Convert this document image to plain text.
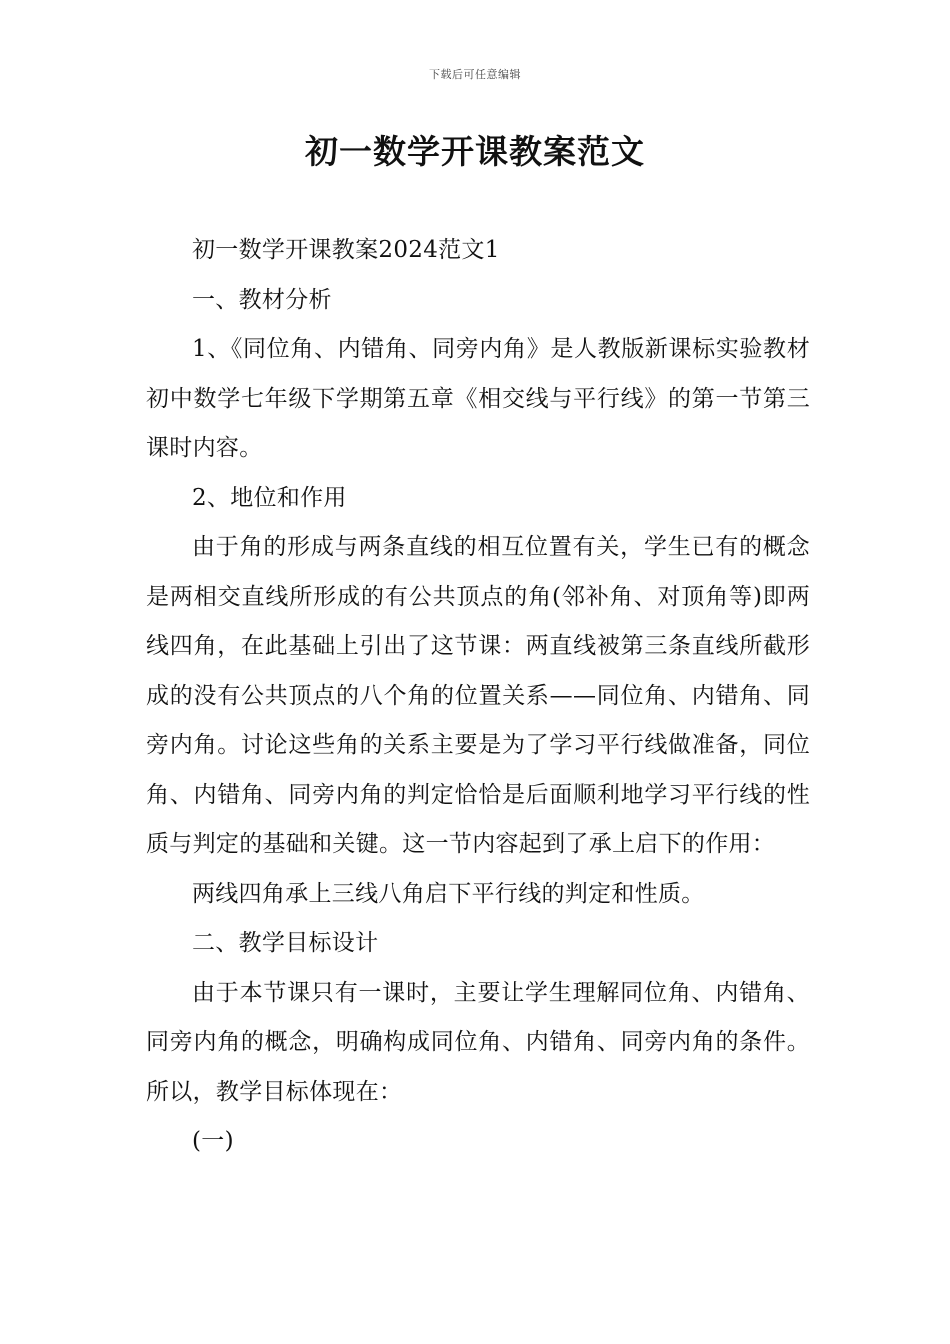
下载后可任意编辑
初一数学开课教案范文

初一数学开课教案2024范文1

一、教材分析

1、《同位角、内错角、同旁内角》是人教版新课标实验教材初中数学七年级下学期第五章《相交线与平行线》的第一节第三课时内容。

2、地位和作用

由于角的形成与两条直线的相互位置有关，学生已有的概念是两相交直线所形成的有公共顶点的角(邻补角、对顶角等)即两线四角，在此基础上引出了这节课：两直线被第三条直线所截形成的没有公共顶点的八个角的位置关系——同位角、内错角、同旁内角。讨论这些角的关系主要是为了学习平行线做准备，同位角、内错角、同旁内角的判定恰恰是后面顺利地学习平行线的性质与判定的基础和关键。这一节内容起到了承上启下的作用：

两线四角承上三线八角启下平行线的判定和性质。

二、教学目标设计

由于本节课只有一课时，主要让学生理解同位角、内错角、同旁内角的概念，明确构成同位角、内错角、同旁内角的条件。所以，教学目标体现在：

(一)
